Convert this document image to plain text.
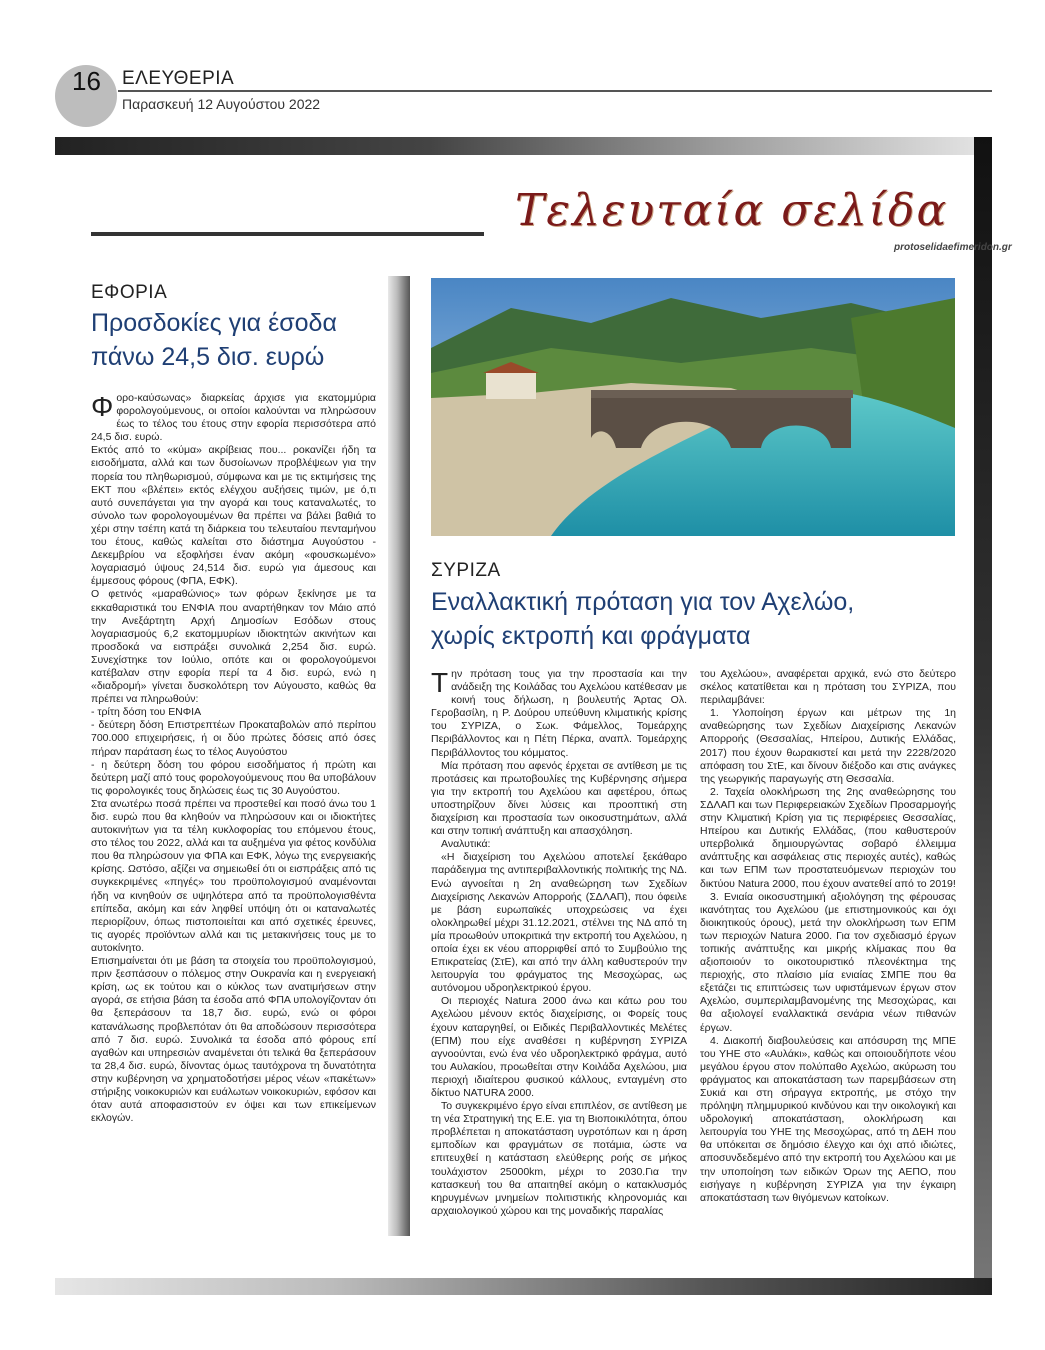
16 ΕΛΕΥΘΕΡΙΑ
Παρασκευή 12 Αυγούστου 2022
Τελευταία σελίδα
protoselidaefimeridon.gr
ΕΦΟΡΙΑ
Προσδοκίες για έσοδα
πάνω 24,5 δισ. ευρώ
Φ ορο-καύσωνας» διαρκείας άρχισε για εκατομμύρια φορολογούμενους, οι οποίοι καλούνται να πληρώσουν έως το τέλος του έτους στην εφορία περισσότερα από 24,5 δισ. ευρώ.

Εκτός από το «κύμα» ακρίβειας που... ροκανίζει ήδη τα εισοδήματα, αλλά και των δυσοίωνων προβλέψεων για την πορεία του πληθωρισμού, σύμφωνα και με τις εκτιμήσεις της ΕΚΤ που «βλέπει» εκτός ελέγχου αυξήσεις τιμών, με ό,τι αυτό συνεπάγεται για την αγορά και τους καταναλωτές, το σύνολο των φορολογουμένων θα πρέπει να βάλει βαθιά το χέρι στην τσέπη κατά τη διάρκεια του τελευταίου πενταμήνου του έτους, καθώς καλείται στο διάστημα Αυγούστου - Δεκεμβρίου να εξοφλήσει έναν ακόμη «φουσκωμένο» λογαριασμό ύψους 24,514 δισ. ευρώ για άμεσους και έμμεσους φόρους (ΦΠΑ, ΕΦΚ).

Ο φετινός «μαραθώνιος» των φόρων ξεκίνησε με τα εκκαθαριστικά του ΕΝΦΙΑ που αναρτήθηκαν τον Μάιο από την Ανεξάρτητη Αρχή Δημοσίων Εσόδων στους λογαριασμούς 6,2 εκατομμυρίων ιδιοκτητών ακινήτων και προσδοκά να εισπράξει συνολικά 2,254 δισ. ευρώ. Συνεχίστηκε τον Ιούλιο, οπότε και οι φορολογούμενοι κατέβαλαν στην εφορία περί τα 4 δισ. ευρώ, ενώ η «διαδρομή» γίνεται δυσκολότερη τον Αύγουστο, καθώς θα πρέπει να πληρωθούν:

- τρίτη δόση του ΕΝΦΙΑ

- δεύτερη δόση Επιστρεπτέων Προκαταβολών από περίπου 700.000 επιχειρήσεις, ή οι δύο πρώτες δόσεις από όσες πήραν παράταση έως το τέλος Αυγούστου

- η δεύτερη δόση του φόρου εισοδήματος ή πρώτη και δεύτερη μαζί από τους φορολογούμενους που θα υποβάλουν τις φορολογικές τους δηλώσεις έως τις 30 Αυγούστου.

Στα ανωτέρω ποσά πρέπει να προστεθεί και ποσό άνω του 1 δισ. ευρώ που θα κληθούν να πληρώσουν και οι ιδιοκτήτες αυτοκινήτων για τα τέλη κυκλοφορίας του επόμενου έτους, στο τέλος του 2022, αλλά και τα αυξημένα για φέτος κονδύλια που θα πληρώσουν για ΦΠΑ και ΕΦΚ, λόγω της ενεργειακής κρίσης. Ωστόσο, αξίζει να σημειωθεί ότι οι εισπράξεις από τις συγκεκριμένες «πηγές» του προϋπολογισμού αναμένονται ήδη να κινηθούν σε υψηλότερα από τα προϋπολογισθέντα επίπεδα, ακόμη και εάν ληφθεί υπόψη ότι οι καταναλωτές περιορίζουν, όπως πιστοποιείται και από σχετικές έρευνες, τις αγορές προϊόντων αλλά και τις μετακινήσεις τους με το αυτοκίνητο.

Επισημαίνεται ότι με βάση τα στοιχεία του προϋπολογισμού, πριν ξεσπάσουν ο πόλεμος στην Ουκρανία και η ενεργειακή κρίση, ως εκ τούτου και ο κύκλος των ανατιμήσεων στην αγορά, σε ετήσια βάση τα έσοδα από ΦΠΑ υπολογίζονταν ότι θα ξεπεράσουν τα 18,7 δισ. ευρώ, ενώ οι φόροι κατανάλωσης προβλεπόταν ότι θα αποδώσουν περισσότερα από 7 δισ. ευρώ. Συνολικά τα έσοδα από φόρους επί αγαθών και υπηρεσιών αναμένεται ότι τελικά θα ξεπεράσουν τα 28,4 δισ. ευρώ, δίνοντας όμως ταυτόχρονα τη δυνατότητα στην κυβέρνηση να χρηματοδοτήσει μέρος νέων «πακέτων» στήριξης νοικοκυριών και ευάλωτων νοικοκυριών, εφόσον και όταν αυτά αποφασιστούν εν όψει και των επικείμενων εκλογών.

ΣΥΡΙΖΑ
Εναλλακτική πρόταση για τον Αχελώο,
χωρίς εκτροπή και φράγματα
Τ ην πρόταση τους για την προστασία και την ανάδειξη της Κοιλάδας του Αχελώου κατέθεσαν με κοινή τους δήλωση, η βουλευτής Άρτας Ολ. Γεροβασίλη, η Ρ. Δούρου υπεύθυνη κλιματικής κρίσης του ΣΥΡΙΖΑ, ο Σωκ. Φάμελλος, Τομεάρχης Περιβάλλοντος και η Πέτη Πέρκα, αναπλ. Τομεάρχης Περιβάλλοντος του κόμματος.

Μία πρόταση που αφενός έρχεται σε αντίθεση με τις προτάσεις και πρωτοβουλίες της Κυβέρνησης σήμερα για την εκτροπή του Αχελώου και αφετέρου, όπως υποστηρίζουν δίνει λύσεις και προοπτική στη διαχείριση και προστασία των οικοσυστημάτων, αλλά και στην τοπική ανάπτυξη και απασχόληση.

Αναλυτικά:

«Η διαχείριση του Αχελώου αποτελεί ξεκάθαρο παράδειγμα της αντιπεριβαλλοντικής πολιτικής της ΝΔ. Ενώ αγνοείται η 2η αναθεώρηση των Σχεδίων Διαχείρισης Λεκανών Απορροής (ΣΔΛΑΠ), που όφειλε με βάση ευρωπαϊκές υποχρεώσεις να έχει ολοκληρωθεί μέχρι 31.12.2021, στέλνει της ΝΔ από τη μία προωθούν υποκριτικά την εκτροπή του Αχελώου, η οποία έχει εκ νέου απορριφθεί από το Συμβούλιο της Επικρατείας (ΣτΕ), και από την άλλη καθυστερούν την λειτουργία του φράγματος της Μεσοχώρας, ως αυτόνομου υδροηλεκτρικού έργου.

Οι περιοχές Natura 2000 άνω και κάτω ρου του Αχελώου μένουν εκτός διαχείρισης, οι Φορείς τους έχουν καταργηθεί, οι Ειδικές Περιβαλλοντικές Μελέτες (ΕΠΜ) που είχε αναθέσει η κυβέρνηση ΣΥΡΙΖΑ αγνοούνται, ενώ ένα νέο υδροηλεκτρικό φράγμα, αυτό του Αυλακίου, προωθείται στην Κοιλάδα Αχελώου, μια περιοχή ιδιαίτερου φυσικού κάλλους, ενταγμένη στο δίκτυο NATURA 2000.

Το συγκεκριμένο έργο είναι επιπλέον, σε αντίθεση με τη νέα Στρατηγική της Ε.Ε. για τη Βιοποικιλότητα, όπου προβλέπεται η αποκατάσταση υγροτόπων και η άρση εμποδίων και φραγμάτων σε ποτάμια, ώστε να επιτευχθεί η κατάσταση ελεύθερης ροής σε μήκος τουλάχιστον 25000km, μέχρι το 2030.Για την κατασκευή του θα απαιτηθεί ακόμη ο κατακλυσμός κηρυγμένων μνημείων πολιτιστικής κληρονομιάς και αρχαιολογικού χώρου και της μοναδικής παραλίας

του Αχελώου», αναφέρεται αρχικά, ενώ στο δεύτερο σκέλος κατατίθεται και η πρόταση του ΣΥΡΙΖΑ, που περιλαμβάνει:

1. Υλοποίηση έργων και μέτρων της 1η αναθεώρησης των Σχεδίων Διαχείρισης Λεκανών Απορροής (Θεσσαλίας, Ηπείρου, Δυτικής Ελλάδας, 2017) που έχουν θωρακιστεί και μετά την 2228/2020 απόφαση του ΣτΕ, και δίνουν διέξοδο και στις ανάγκες της γεωργικής παραγωγής στη Θεσσαλία.

2. Ταχεία ολοκλήρωση της 2ης αναθεώρησης του ΣΔΛΑΠ και των Περιφερειακών Σχεδίων Προσαρμογής στην Κλιματική Κρίση για τις περιφέρειες Θεσσαλίας, Ηπείρου και Δυτικής Ελλάδας, (που καθυστερούν υπερβολικά δημιουργώντας σοβαρό έλλειμμα ανάπτυξης και ασφάλειας στις περιοχές αυτές), καθώς και των ΕΠΜ των προστατευόμενων περιοχών του δικτύου Natura 2000, που έχουν ανατεθεί από το 2019!

3. Ενιαία οικοσυστημική αξιολόγηση της φέρουσας ικανότητας του Αχελώου (με επιστημονικούς και όχι διοικητικούς όρους), μετά την ολοκλήρωση των ΕΠΜ των περιοχών Natura 2000. Για τον σχεδιασμό έργων τοπικής ανάπτυξης και μικρής κλίμακας που θα αξιοποιούν το οικοτουριστικό πλεονέκτημα της περιοχής, στο πλαίσιο μία ενιαίας ΣΜΠΕ που θα εξετάζει τις επιπτώσεις των υφιστάμενων έργων στον Αχελώο, συμπεριλαμβανομένης της Μεσοχώρας, και θα αξιολογεί εναλλακτικά σενάρια νέων πιθανών έργων.

4. Διακοπή διαβουλεύσεις και απόσυρση της ΜΠΕ του ΥΗΕ στο «Αυλάκι», καθώς και οποιουδήποτε νέου μεγάλου έργου στον πολύπαθο Αχελώο, ακύρωση του φράγματος και αποκατάσταση των παρεμβάσεων στη Συκιά και στη σήραγγα εκτροπής, με στόχο την πρόληψη πλημμυρικού κινδύνου και την οικολογική και υδρολογική αποκατάσταση, ολοκλήρωση και λειτουργία του ΥΗΕ της Μεσοχώρας, από τη ΔΕΗ που θα υπόκειται σε δημόσιο έλεγχο και όχι από ιδιώτες, αποσυνδεδεμένο από την εκτροπή του Αχελώου και με την υποποίηση των ειδικών Όρων της ΑΕΠΟ, που εισήγαγε η κυβέρνηση ΣΥΡΙΖΑ για την έγκαιρη αποκατάσταση των θιγόμενων κατοίκων.
